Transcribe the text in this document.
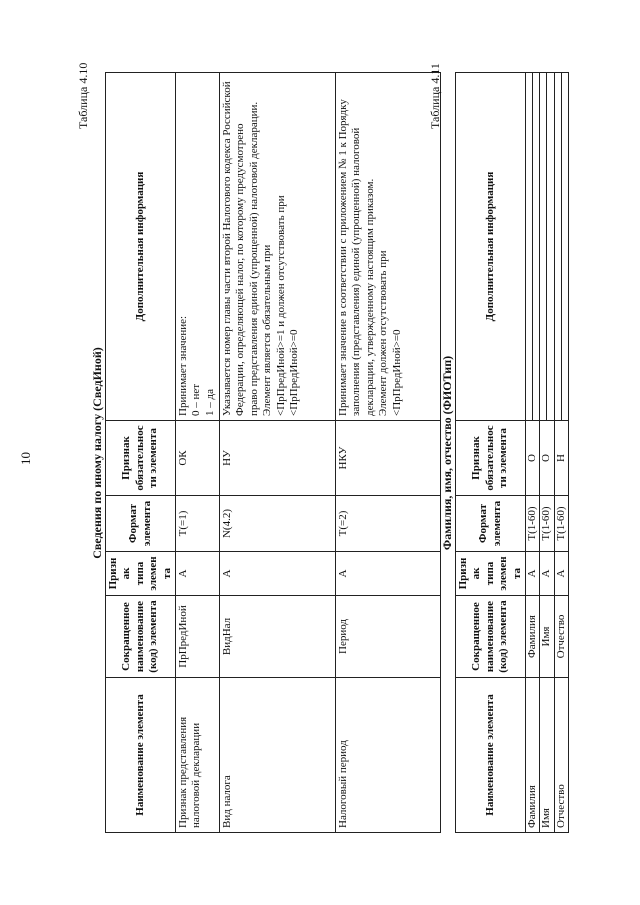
10
Таблица 4.10
Сведения по иному налогу (СведИной)
Наименование элемента	Сокращенное наименование (код) элемента	Признак типа элемента	Формат элемента	Признак обязательности элемента	Дополнительная информация
Признак представления налоговой декларации	ПрПредИной	А	T(=1)	ОК	Принимает значение:
0 – нет
1 – да
Вид налога	ВидНал	А	N(4.2)	НУ	Указывается номер главы части второй Налогового кодекса Российской Федерации, определяющей налог, по которому предусмотрено
право представления единой (упрощенной) налоговой декларации.
Элемент является обязательным при
<ПрПредИной>=1 и должен отсутствовать при
<ПрПредИной>=0
Налоговый период	Период	А	T(=2)	НКУ	Принимает значение в соответствии с приложением № 1 к Порядку заполнения (представления) единой (упрощенной) налоговой декларации, утвержденному настоящим приказом.
Элемент должен отсутствовать при
<ПрПредИной>=0
Таблица 4.11
Фамилия, имя, отчество (ФИОТип)
Наименование элемента	Сокращенное наименование (код) элемента	Признак типа элемента	Формат элемента	Признак обязательности элемента	Дополнительная информация
Фамилия	Фамилия	А	T(1-60)	О	

Имя	Имя	А	T(1-60)	О	

Отчество	Отчество	А	T(1-60)	Н	
